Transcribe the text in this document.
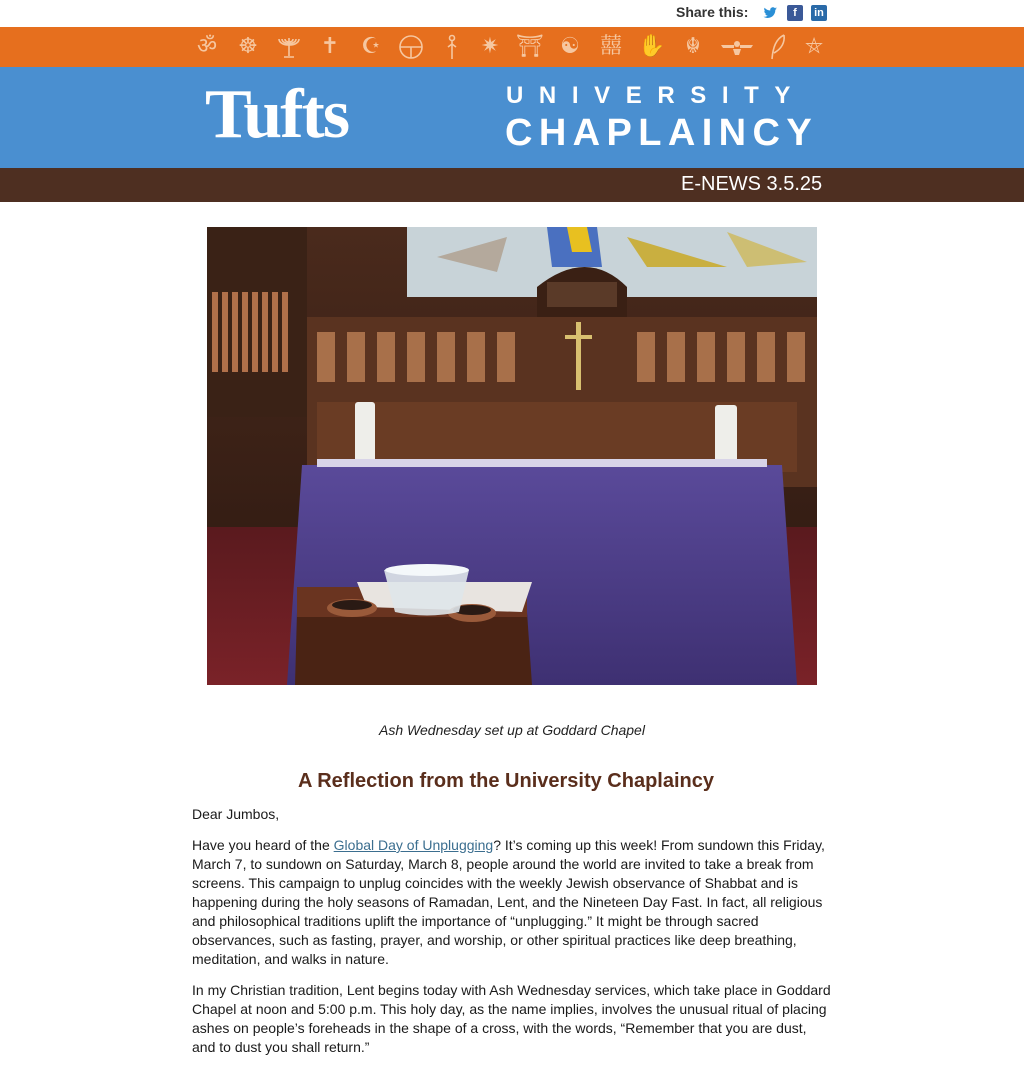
Share this:	f	in
ॐ ☸	✝ ☪	✷ ⛩ ☯ 囍 ✋ ☬	⛤
Tufts	UNIVERSITY
CHAPLAINCY
E-NEWS 3.5.25
Ash Wednesday set up at Goddard Chapel
A Reflection from the University Chaplaincy

Dear Jumbos,

Have you heard of the Global Day of Unplugging? It’s coming up this week! From sundown this Friday, March 7, to sundown on Saturday, March 8, people around the world are invited to take a break from screens. This campaign to unplug coincides with the weekly Jewish observance of Shabbat and is happening during the holy seasons of Ramadan, Lent, and the Nineteen Day Fast. In fact, all religious and philosophical traditions uplift the importance of “unplugging.” It might be through sacred observances, such as fasting, prayer, and worship, or other spiritual practices like deep breathing, meditation, and walks in nature.

In my Christian tradition, Lent begins today with Ash Wednesday services, which take place in Goddard Chapel at noon and 5:00 p.m. This holy day, as the name implies, involves the unusual ritual of placing ashes on people’s foreheads in the shape of a cross, with the words, “Remember that you are dust, and to dust you shall return.”
